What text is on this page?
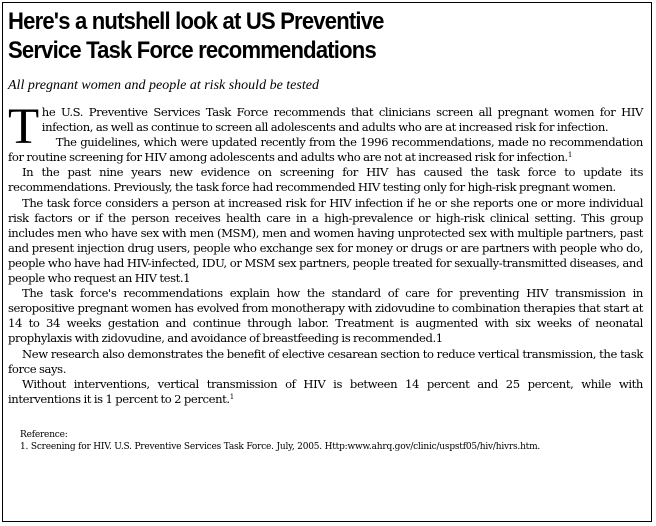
Here's a nutshell look at US Preventive
Service Task Force recommendations
All pregnant women and people at risk should be tested

The U.S. Preventive Services Task Force recommends that clinicians screen all pregnant women for HIV infection, as well as continue to screen all adolescents and adults who are at increased risk for infection.

The guidelines, which were updated recently from the 1996 recommendations, made no recommendation for routine screening for HIV among adolescents and adults who are not at increased risk for infection.$^1$

In the past nine years new evidence on screening for HIV has caused the task force to update its recommendations. Previously, the task force had recommended HIV testing only for high-risk pregnant women.

The task force considers a person at increased risk for HIV infection if he or she reports one or more individual risk factors or if the person receives health care in a high-prevalence or high-risk clinical setting. This group includes men who have sex with men (MSM), men and women having unprotected sex with multiple partners, past and present injection drug users, people who exchange sex for money or drugs or are partners with people who do, people who have had HIV-infected, IDU, or MSM sex partners, people treated for sexually-transmitted diseases, and people who request an HIV test.1

The task force's recommendations explain how the standard of care for preventing HIV transmission in seropositive pregnant women has evolved from monotherapy with zidovudine to combination therapies that start at 14 to 34 weeks gestation and continue through labor. Treatment is augmented with six weeks of neonatal prophylaxis with zidovudine, and avoidance of breastfeeding is recommended.1

New research also demonstrates the benefit of elective cesarean section to reduce vertical transmission, the task force says.

Without interventions, vertical transmission of HIV is between 14 percent and 25 percent, while with interventions it is 1 percent to 2 percent.$^1$

Reference:
1. Screening for HIV. U.S. Preventive Services Task Force. July, 2005. Http:www.ahrq.gov/clinic/uspstf05/hiv/hivrs.htm.
